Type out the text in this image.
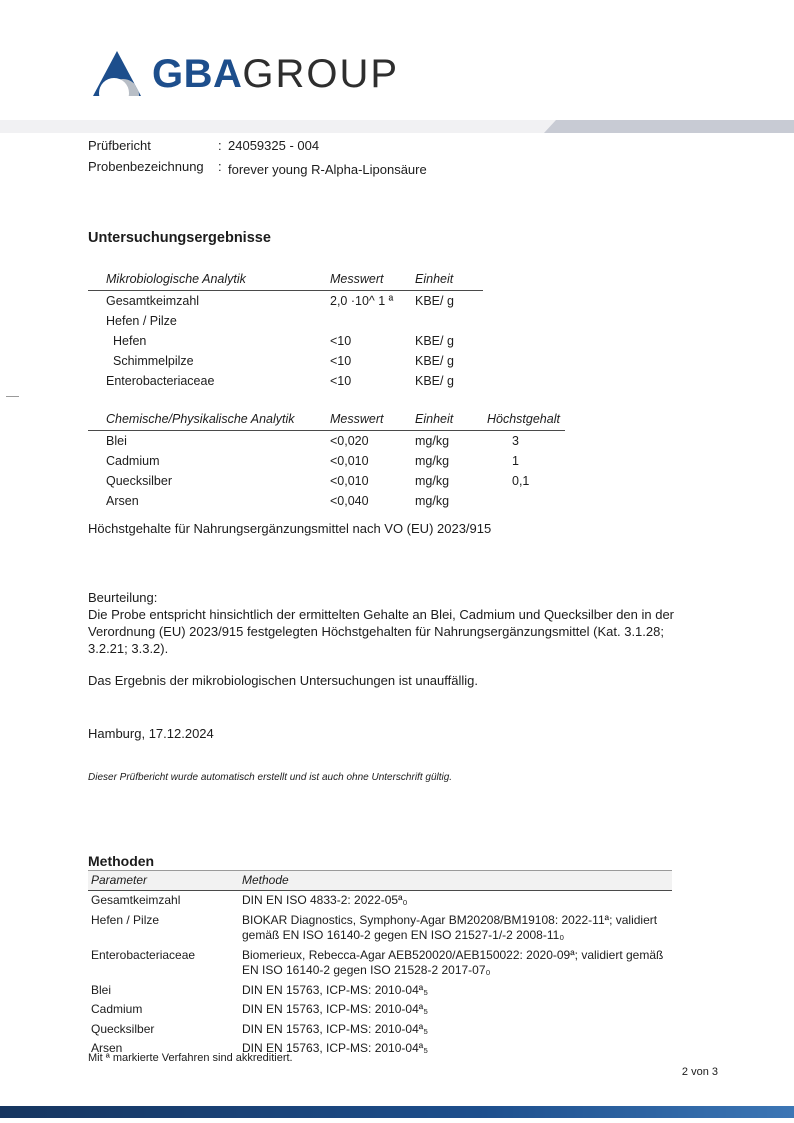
GBAGROUP
Prüfbericht	: 24059325 - 004
Probenbezeichnung	: forever young R-Alpha-Liponsäure
Untersuchungsergebnisse
Mikrobiologische Analytik	Messwert	Einheit
Gesamtkeimzahl	2,0 ·10^ 1 ª	KBE/ g
Hefen / Pilze
Hefen	<10	KBE/ g
Schimmelpilze	<10	KBE/ g
Enterobacteriaceae	<10	KBE/ g
Chemische/Physikalische Analytik	Messwert	Einheit	Höchstgehalt
Blei	<0,020	mg/kg	3
Cadmium	<0,010	mg/kg	1
Quecksilber	<0,010	mg/kg	0,1
Arsen	<0,040	mg/kg
Höchstgehalte für Nahrungsergänzungsmittel nach VO (EU) 2023/915
Beurteilung:
Die Probe entspricht hinsichtlich der ermittelten Gehalte an Blei, Cadmium und Quecksilber den in der Verordnung (EU) 2023/915 festgelegten Höchstgehalten für Nahrungsergänzungsmittel (Kat. 3.1.28; 3.2.21; 3.3.2).
Das Ergebnis der mikrobiologischen Untersuchungen ist unauffällig.
Hamburg, 17.12.2024
Dieser Prüfbericht wurde automatisch erstellt und ist auch ohne Unterschrift gültig.
Methoden
Parameter	Methode
Gesamtkeimzahl	DIN EN ISO 4833-2: 2022-05ª₀
Hefen / Pilze	BIOKAR Diagnostics, Symphony-Agar BM20208/BM19108: 2022-11ª; validiert gemäß EN ISO 16140-2 gegen EN ISO 21527-1/-2 2008-11₀
Enterobacteriaceae	Biomerieux, Rebecca-Agar AEB520020/AEB150022: 2020-09ª; validiert gemäß EN ISO 16140-2 gegen ISO 21528-2 2017-07₀
Blei	DIN EN 15763, ICP-MS: 2010-04ª₅
Cadmium	DIN EN 15763, ICP-MS: 2010-04ª₅
Quecksilber	DIN EN 15763, ICP-MS: 2010-04ª₅
Arsen	DIN EN 15763, ICP-MS: 2010-04ª₅
Mit ª markierte Verfahren sind akkreditiert.
2 von 3
